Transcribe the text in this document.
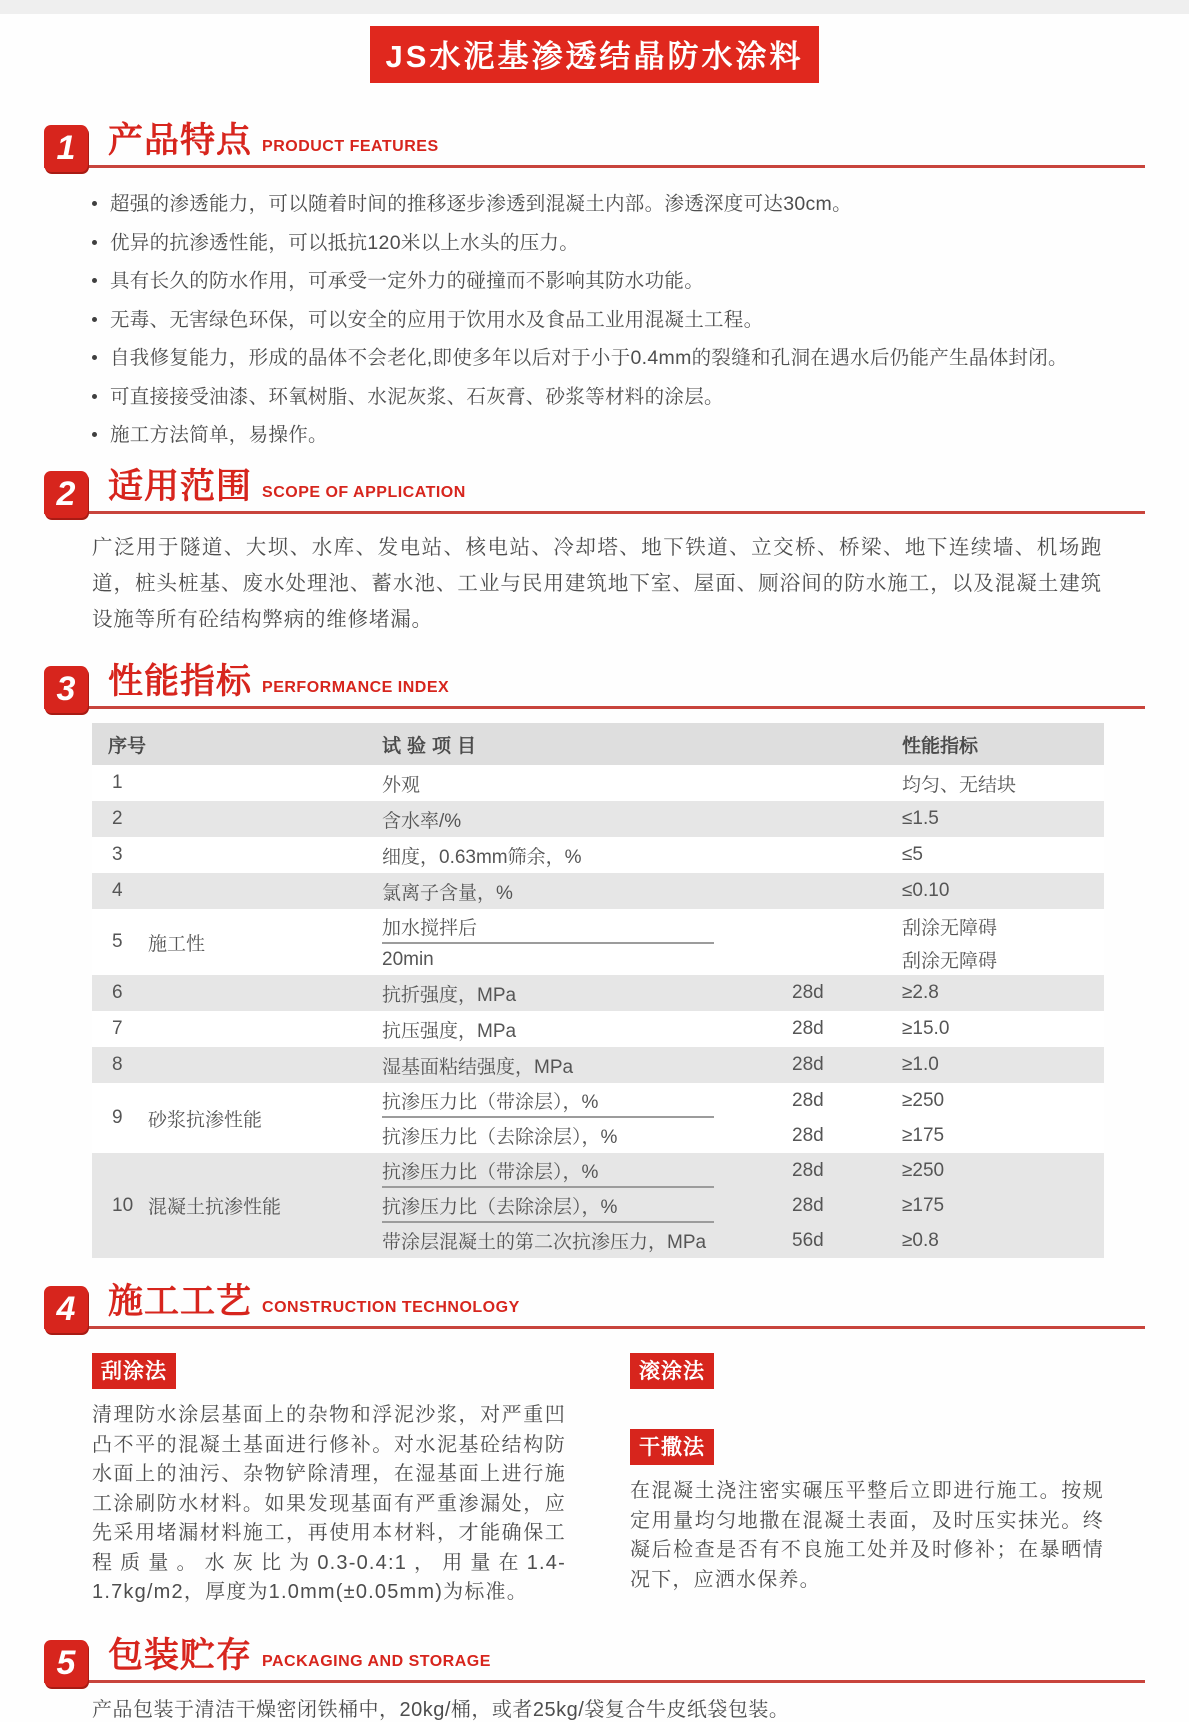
JS水泥基渗透结晶防水涂料
1 产品特点 PRODUCT FEATURES
超强的渗透能力，可以随着时间的推移逐步渗透到混凝土内部。渗透深度可达30cm。
优异的抗渗透性能，可以抵抗120米以上水头的压力。
具有长久的防水作用，可承受一定外力的碰撞而不影响其防水功能。
无毒、无害绿色环保，可以安全的应用于饮用水及食品工业用混凝土工程。
自我修复能力，形成的晶体不会老化,即使多年以后对于小于0.4mm的裂缝和孔洞在遇水后仍能产生晶体封闭。
可直接接受油漆、环氧树脂、水泥灰浆、石灰膏、砂浆等材料的涂层。
施工方法简单，易操作。
2 适用范围 SCOPE OF APPLICATION
广泛用于隧道、大坝、水库、发电站、核电站、冷却塔、地下铁道、立交桥、桥梁、地下连续墙、机场跑道，桩头桩基、废水处理池、蓄水池、工业与民用建筑地下室、屋面、厕浴间的防水施工，以及混凝土建筑设施等所有砼结构弊病的维修堵漏。
3 性能指标 PERFORMANCE INDEX
序号	试验项目	性能指标
1	外观	均匀、无结块
2	含水率/%	≤1.5
3	细度，0.63mm筛余，%	≤5
4	氯离子含量，%	≤0.10
5	施工性
加水搅拌后	刮涂无障碍
20min	刮涂无障碍
6	抗折强度，MPa	28d	≥2.8
7	抗压强度，MPa	28d	≥15.0
8	湿基面粘结强度，MPa	28d	≥1.0
9	砂浆抗渗性能
抗渗压力比（带涂层），%	28d	≥250
抗渗压力比（去除涂层），%	28d	≥175
10 混凝土抗渗性能
抗渗压力比（带涂层），%	28d	≥250
抗渗压力比（去除涂层），%	28d	≥175
带涂层混凝土的第二次抗渗压力，MPa	56d	≥0.8
4 施工工艺 CONSTRUCTION TECHNOLOGY
刮涂法
清理防水涂层基面上的杂物和浮泥沙浆，对严重凹凸不平的混凝土基面进行修补。对水泥基砼结构防水面上的油污、杂物铲除清理，在湿基面上进行施工涂刷防水材料。如果发现基面有严重渗漏处，应先采用堵漏材料施工，再使用本材料，才能确保工程质量。水灰比为0.3-0.4:1，用量在1.4-1.7kg/m2，厚度为1.0mm(±0.05mm)为标准。
滚涂法
干撒法
在混凝土浇注密实碾压平整后立即进行施工。按规定用量均匀地撒在混凝土表面，及时压实抹光。终凝后检查是否有不良施工处并及时修补；在暴晒情况下，应洒水保养。
5 包装贮存 PACKAGING AND STORAGE
产品包装于清洁干燥密闭铁桶中，20kg/桶，或者25kg/袋复合牛皮纸袋包装。
